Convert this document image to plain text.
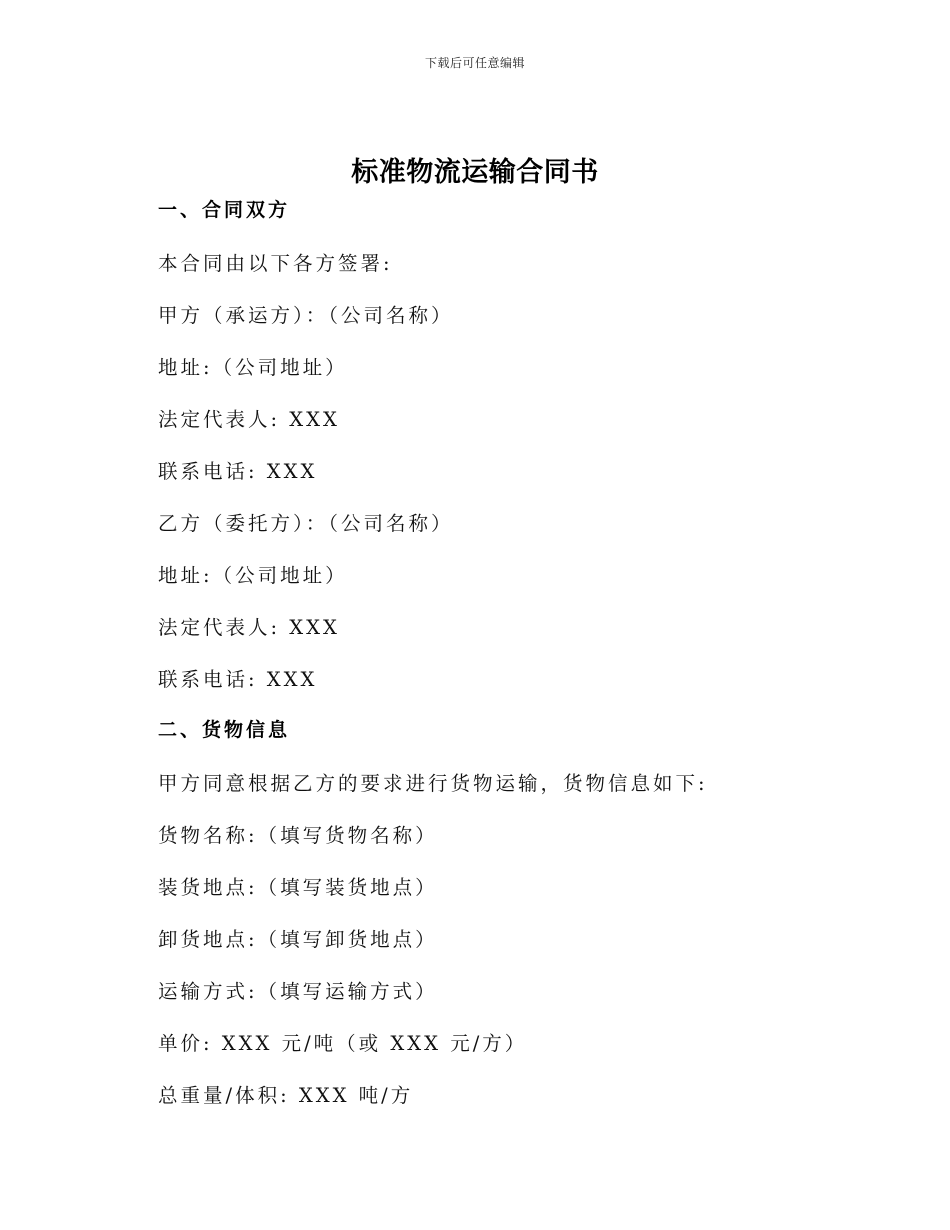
下载后可任意编辑
标准物流运输合同书
一、合同双方
本合同由以下各方签署:
甲方（承运方）：（公司名称）
地址:（公司地址）
法定代表人: XXX
联系电话: XXX
乙方（委托方）：（公司名称）
地址:（公司地址）
法定代表人: XXX
联系电话: XXX
二、货物信息
甲方同意根据乙方的要求进行货物运输，货物信息如下:
货物名称:（填写货物名称）
装货地点:（填写装货地点）
卸货地点:（填写卸货地点）
运输方式:（填写运输方式）
单价: XXX 元/吨（或 XXX 元/方）
总重量/体积: XXX 吨/方
